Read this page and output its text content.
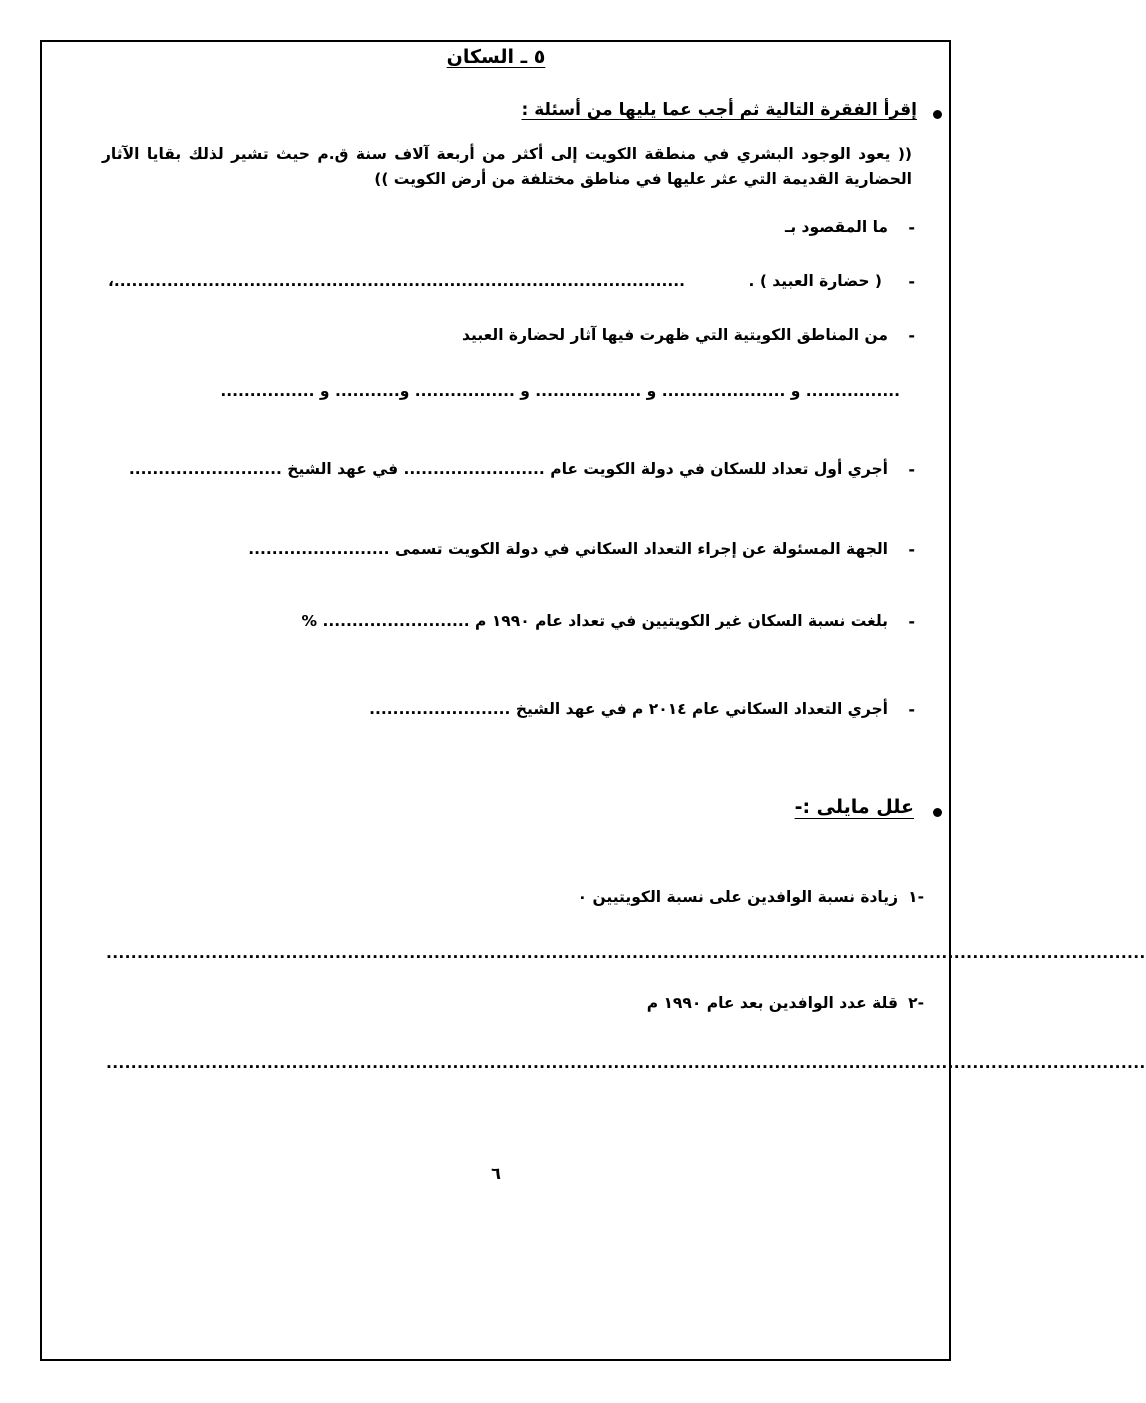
٥ ـ السكان
إقرأ الفقرة التالية ثم أجب عما يليها من أسئلة :
(( يعود الوجود البشري في منطقة الكويت إلى أكثر من أربعة آلاف سنة ق.م حيث تشير لذلك بقايا الآثار الحضارية القديمة التي عثر عليها في مناطق مختلفة من أرض الكويت ))
-
ما المقصود بـ
-
( حضارة العبيد ) .
،.................................................................................................
-
من المناطق الكويتية التي ظهرت فيها آثار لحضارة العبيد
................ و ..................... و .................. و ................. و........... و ................
-
أجري أول تعداد للسكان في دولة الكويت عام ........................ في عهد الشيخ ..........................
-
الجهة المسئولة عن إجراء التعداد السكاني في دولة الكويت تسمى ........................
-
بلغت نسبة السكان غير الكويتيين في تعداد عام ١٩٩٠ م ......................... %
-
أجري التعداد السكاني عام ٢٠١٤ م في عهد الشيخ ........................
علل مايلى :-
١-
زيادة نسبة الوافدين على نسبة الكويتيين ٠
........................................................................................................................................................................
٢-
قلة عدد الوافدين بعد عام ١٩٩٠ م
........................................................................................................................................................................
٦
